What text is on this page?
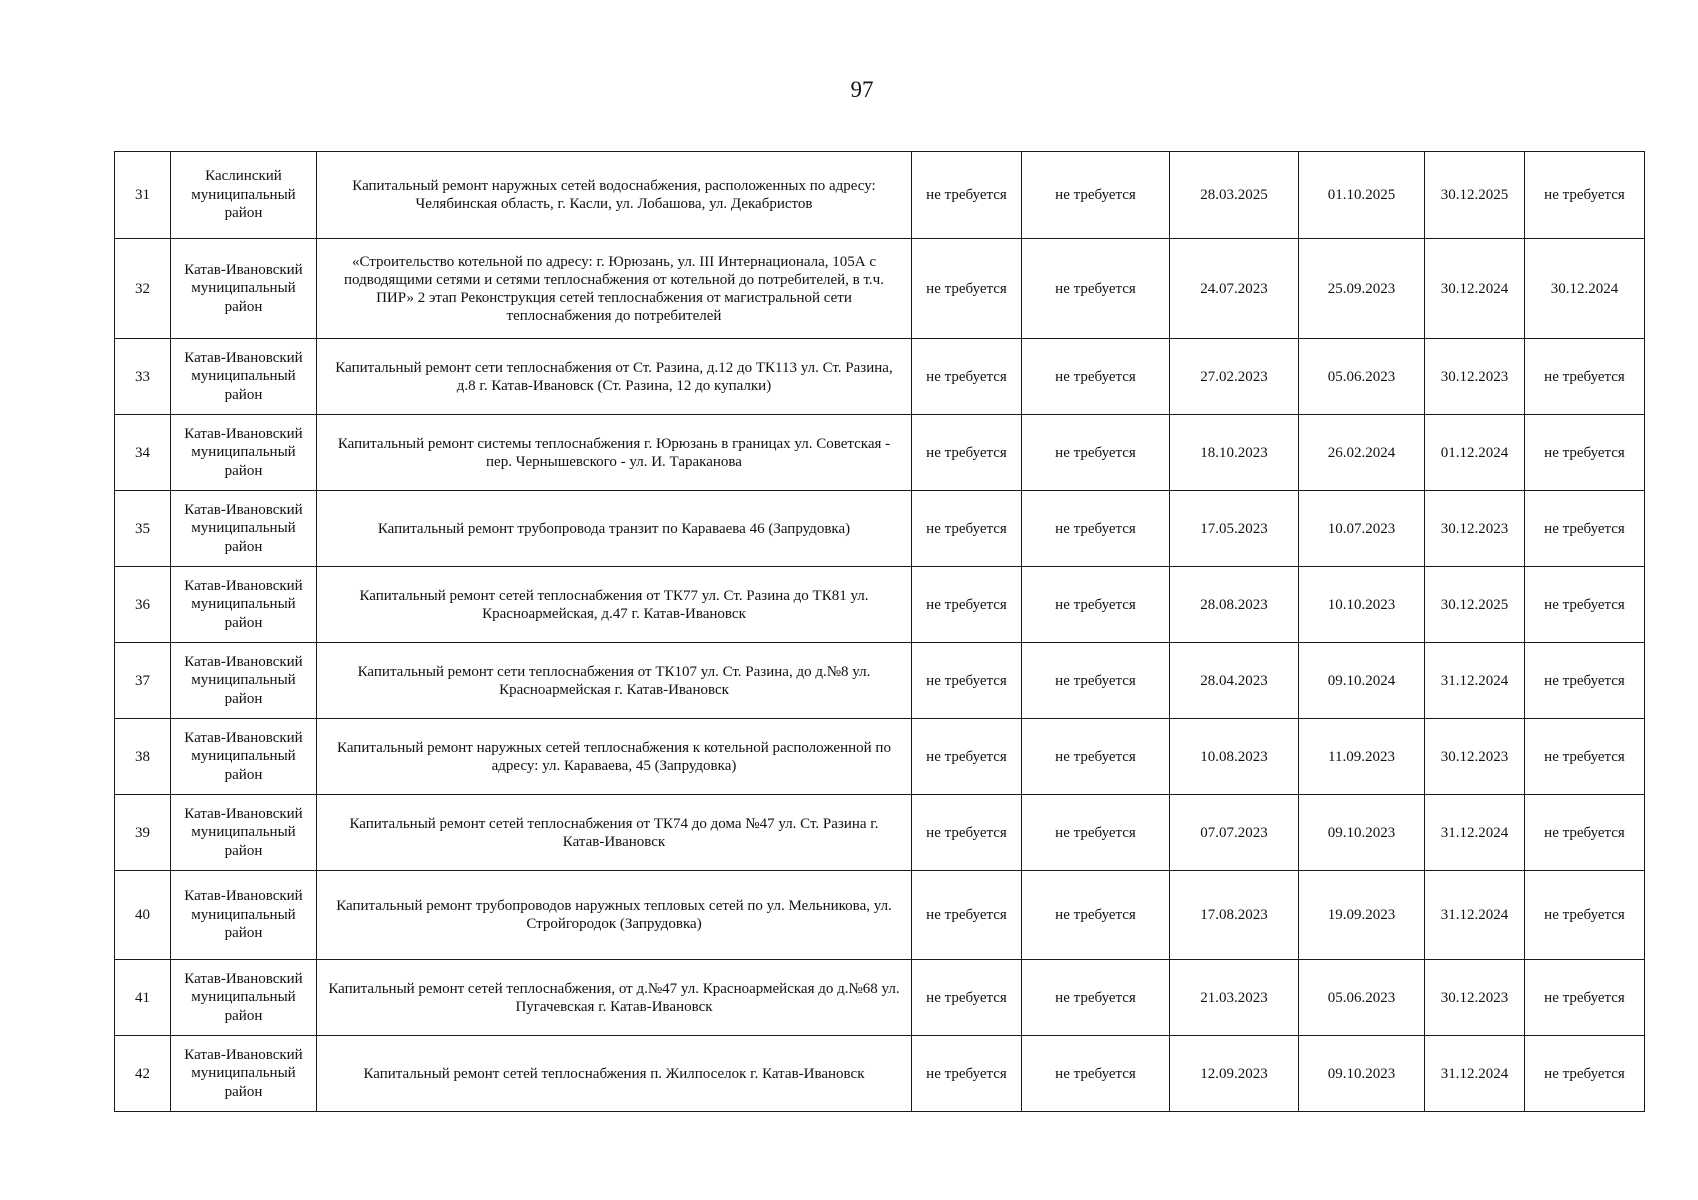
97
31	Каслинский муниципальный район	Капитальный ремонт наружных сетей водоснабжения, расположенных по адресу: Челябинская область, г. Касли, ул. Лобашова, ул. Декабристов	не требуется	не требуется	28.03.2025	01.10.2025	30.12.2025	не требуется
32	Катав-Ивановский муниципальный район	«Строительство котельной по адресу: г. Юрюзань, ул. III Интернационала, 105А с подводящими сетями и сетями теплоснабжения от котельной до потребителей, в т.ч. ПИР» 2 этап Реконструкция сетей теплоснабжения от магистральной сети теплоснабжения до потребителей	не требуется	не требуется	24.07.2023	25.09.2023	30.12.2024	30.12.2024
33	Катав-Ивановский муниципальный район	Капитальный ремонт сети теплоснабжения от Ст. Разина, д.12 до ТК113 ул. Ст. Разина, д.8 г. Катав-Ивановск (Ст. Разина, 12 до купалки)	не требуется	не требуется	27.02.2023	05.06.2023	30.12.2023	не требуется
34	Катав-Ивановский муниципальный район	Капитальный ремонт системы теплоснабжения г. Юрюзань в границах ул. Советская - пер. Чернышевского - ул. И. Тараканова	не требуется	не требуется	18.10.2023	26.02.2024	01.12.2024	не требуется
35	Катав-Ивановский муниципальный район	Капитальный ремонт трубопровода транзит по Караваева 46 (Запрудовка)	не требуется	не требуется	17.05.2023	10.07.2023	30.12.2023	не требуется
36	Катав-Ивановский муниципальный район	Капитальный ремонт сетей теплоснабжения от ТК77 ул. Ст. Разина до ТК81 ул. Красноармейская, д.47 г. Катав-Ивановск	не требуется	не требуется	28.08.2023	10.10.2023	30.12.2025	не требуется
37	Катав-Ивановский муниципальный район	Капитальный ремонт сети теплоснабжения от ТК107 ул. Ст. Разина, до д.№8 ул. Красноармейская г. Катав-Ивановск	не требуется	не требуется	28.04.2023	09.10.2024	31.12.2024	не требуется
38	Катав-Ивановский муниципальный район	Капитальный ремонт наружных сетей теплоснабжения к котельной расположенной по адресу: ул. Караваева, 45 (Запрудовка)	не требуется	не требуется	10.08.2023	11.09.2023	30.12.2023	не требуется
39	Катав-Ивановский муниципальный район	Капитальный ремонт сетей теплоснабжения от ТК74 до дома №47 ул. Ст. Разина г. Катав-Ивановск	не требуется	не требуется	07.07.2023	09.10.2023	31.12.2024	не требуется
40	Катав-Ивановский муниципальный район	Капитальный ремонт трубопроводов наружных тепловых сетей по ул. Мельникова, ул. Стройгородок (Запрудовка)	не требуется	не требуется	17.08.2023	19.09.2023	31.12.2024	не требуется
41	Катав-Ивановский муниципальный район	Капитальный ремонт сетей теплоснабжения, от д.№47 ул. Красноармейская до д.№68 ул. Пугачевская г. Катав-Ивановск	не требуется	не требуется	21.03.2023	05.06.2023	30.12.2023	не требуется
42	Катав-Ивановский муниципальный район	Капитальный ремонт сетей теплоснабжения п. Жилпоселок г. Катав-Ивановск	не требуется	не требуется	12.09.2023	09.10.2023	31.12.2024	не требуется
